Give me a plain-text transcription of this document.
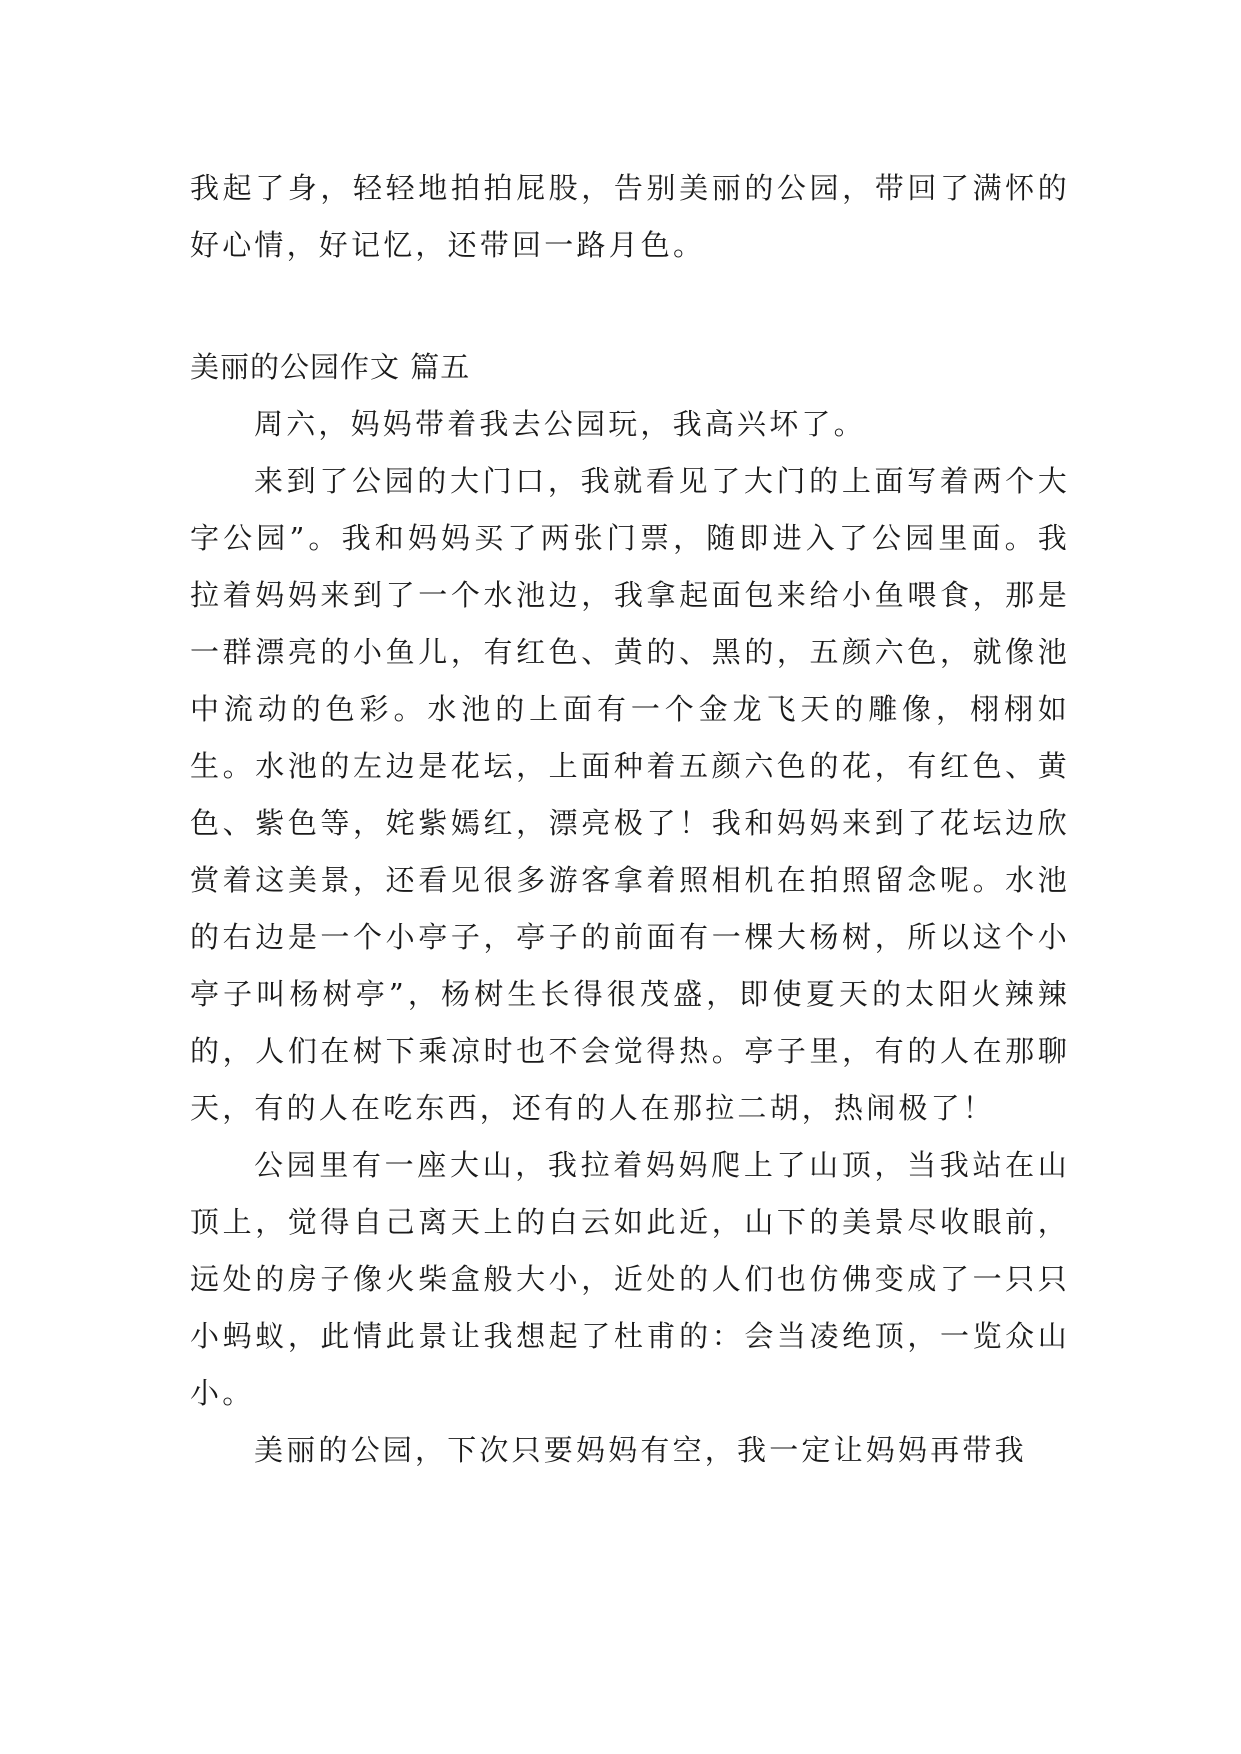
我起了身，轻轻地拍拍屁股，告别美丽的公园，带回了满怀的好心情，好记忆，还带回一路月色。

美丽的公园作文 篇五

周六，妈妈带着我去公园玩，我高兴坏了。

来到了公园的大门口，我就看见了大门的上面写着两个大字公园”。我和妈妈买了两张门票，随即进入了公园里面。我拉着妈妈来到了一个水池边，我拿起面包来给小鱼喂食，那是一群漂亮的小鱼儿，有红色、黄的、黑的，五颜六色，就像池中流动的色彩。水池的上面有一个金龙飞天的雕像，栩栩如生。水池的左边是花坛，上面种着五颜六色的花，有红色、黄色、紫色等，姹紫嫣红，漂亮极了！我和妈妈来到了花坛边欣赏着这美景，还看见很多游客拿着照相机在拍照留念呢。水池的右边是一个小亭子，亭子的前面有一棵大杨树，所以这个小亭子叫杨树亭”，杨树生长得很茂盛，即使夏天的太阳火辣辣的，人们在树下乘凉时也不会觉得热。亭子里，有的人在那聊天，有的人在吃东西，还有的人在那拉二胡，热闹极了！

公园里有一座大山，我拉着妈妈爬上了山顶，当我站在山顶上，觉得自己离天上的白云如此近，山下的美景尽收眼前，远处的房子像火柴盒般大小，近处的人们也仿佛变成了一只只小蚂蚁，此情此景让我想起了杜甫的：会当凌绝顶，一览众山小。

美丽的公园，下次只要妈妈有空，我一定让妈妈再带我
